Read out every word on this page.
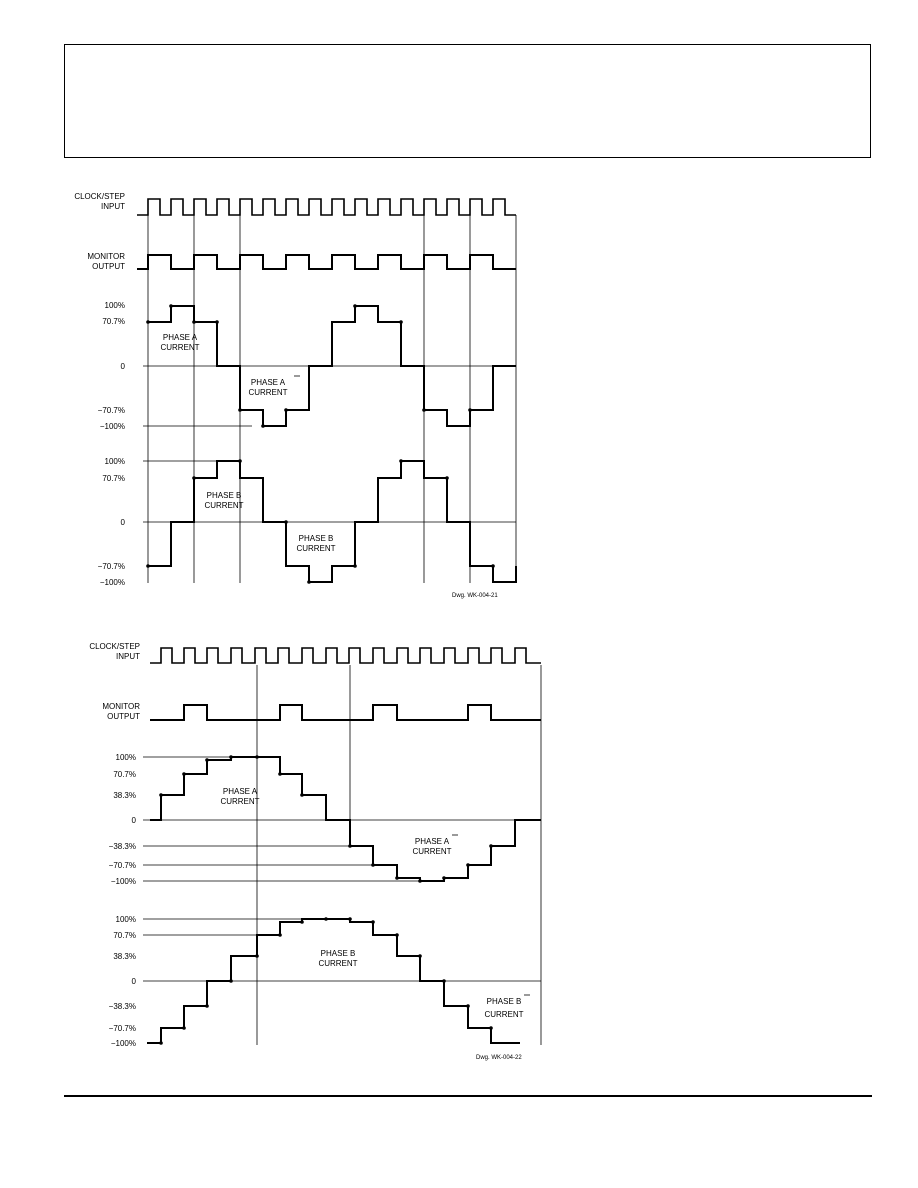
CLOCK/STEP
INPUT
MONITOR
OUTPUT
100%
70.7%
0
−70.7%
−100%
100%
70.7%
0
−70.7%
−100%
PHASE A
CURRENT
PHASE A
CURRENT
PHASE B
CURRENT
PHASE B
CURRENT
Dwg. WK-004-21
CLOCK/STEP
INPUT
MONITOR
OUTPUT
100%
70.7%
38.3%
0
−38.3%
−70.7%
−100%
100%
70.7%
38.3%
0
−38.3%
−70.7%
−100%
PHASE A
CURRENT
PHASE A
CURRENT
PHASE B
CURRENT
PHASE B
CURRENT
Dwg. WK-004-22
